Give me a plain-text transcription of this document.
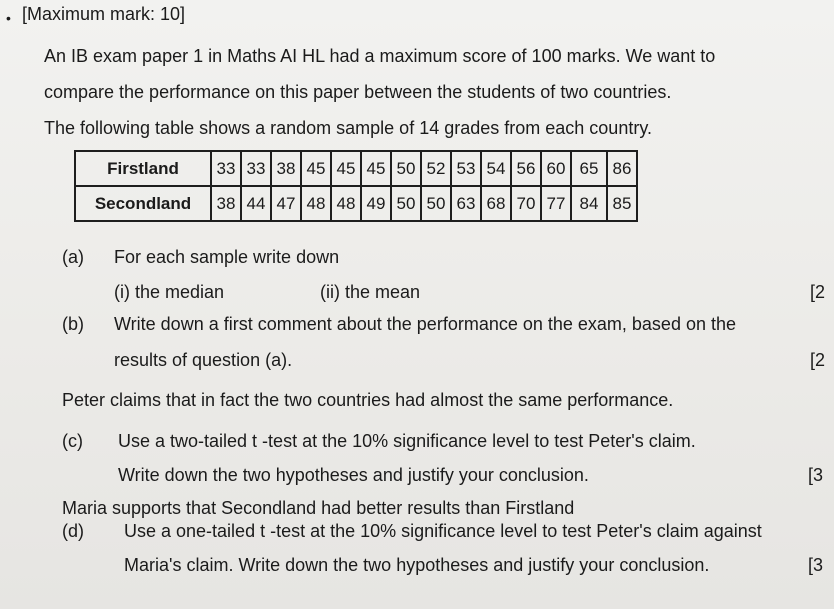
• [Maximum mark: 10]
An IB exam paper 1 in Maths AI HL had a maximum score of 100 marks. We want to
compare the performance on this paper between the students of two countries.
The following table shows a random sample of 14 grades from each country.
Firstland	33	33	38	45	45	45	50	52	53	54	56	60	65	86
Secondland	38	44	47	48	48	49	50	50	63	68	70	77	84	85
(a) For each sample write down
(i) the median	(ii) the mean	[2
(b) Write down a first comment about the performance on the exam, based on the
results of question (a).	[2
Peter claims that in fact the two countries had almost the same performance.
(c) Use a two-tailed t -test at the 10% significance level to test Peter's claim.
Write down the two hypotheses and justify your conclusion.	[3
Maria supports that Secondland had better results than Firstland
(d) Use a one-tailed t -test at the 10% significance level to test Peter's claim against
Maria's claim. Write down the two hypotheses and justify your conclusion.	[3
